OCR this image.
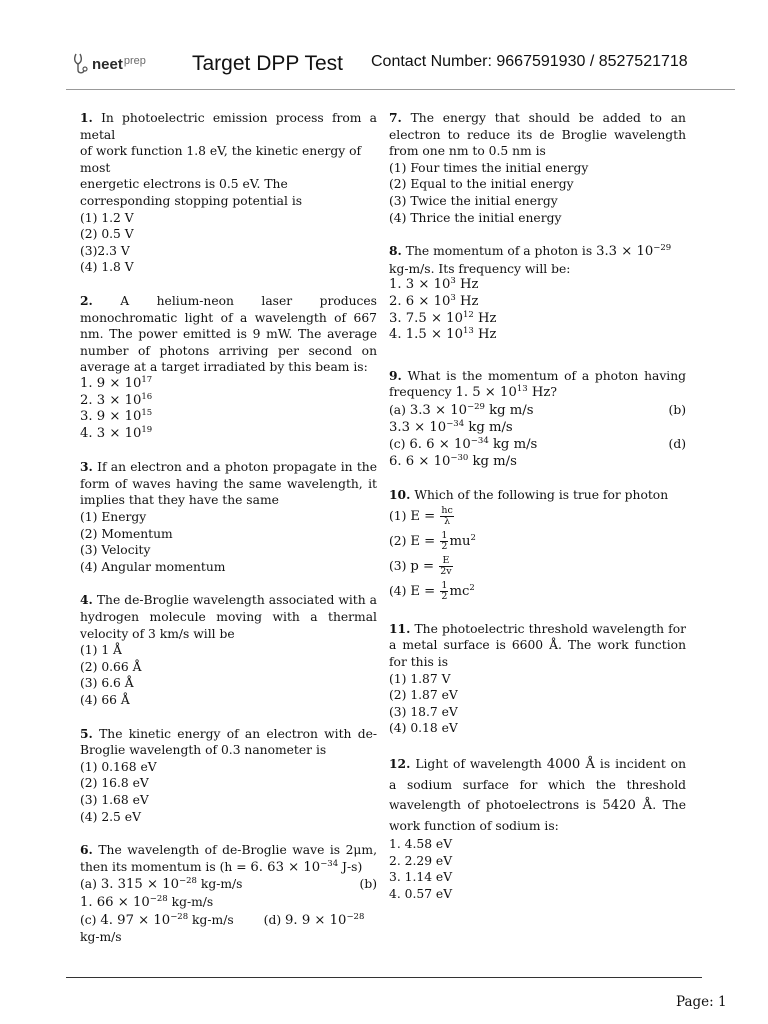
neet prep Target DPP Test Contact Number: 9667591930 / 8527521718
1. In photoelectric emission process from a metal
of work function 1.8 eV, the kinetic energy of most
energetic electrons is 0.5 eV. The corresponding stopping potential is
(1) 1.2 V
(2) 0.5 V
(3)2.3 V
(4) 1.8 V
2. A helium-neon laser produces monochromatic light of a wavelength of 667 nm. The power emitted is 9 mW. The average number of photons arriving per second on average at a target irradiated by this beam is:
1. $9 \times 10^{17}$
2. $3 \times 10^{16}$
3. $9 \times 10^{15}$
4. $3 \times 10^{19}$
3. If an electron and a photon propagate in the form of waves having the same wavelength, it implies that they have the same
(1) Energy
(2) Momentum
(3) Velocity
(4) Angular momentum
4. The de-Broglie wavelength associated with a hydrogen molecule moving with a thermal velocity of 3 km/s will be
(1) 1 Å
(2) 0.66 Å
(3) 6.6 Å
(4) 66 Å
5. The kinetic energy of an electron with de-Broglie wavelength of 0.3 nanometer is
(1) 0.168 eV
(2) 16.8 eV
(3) 1.68 eV
(4) 2.5 eV
6. The wavelength of de-Broglie wave is 2μm, then its momentum is (h = 6. $63 \times 10^{-34}$ J-s)
(a) 3. $315 \times 10^{-28}$ kg-m/s	(b)
1. $66 \times 10^{-28}$ kg-m/s
(c) 4. $97 \times 10^{-28}$ kg-m/s (d) 9. $9 \times 10^{-28}$
kg-m/s
7. The energy that should be added to an electron to reduce its de Broglie wavelength from one nm to 0.5 nm is
(1) Four times the initial energy
(2) Equal to the initial energy
(3) Twice the initial energy
(4) Thrice the initial energy
8. The momentum of a photon is $3.3 \times 10^{-29}$
kg-m/s. Its frequency will be:
1. $3 \times 10^3$ Hz
2. $6 \times 10^3$ Hz
3. $7.5 \times 10^{12}$ Hz
4. $1.5 \times 10^{13}$ Hz
9. What is the momentum of a photon having frequency 1. $5 \times 10^{13}$ Hz?
(a) $3.3 \times 10^{-29}$ kg m/s	(b)
$3.3 \times 10^{-34}$ kg m/s
(c) 6. $6 \times 10^{-34}$ kg m/s	(d)
6. $6 \times 10^{-30}$ kg m/s
10. Which of the following is true for photon
(1) $E = \frac{hc}{\lambda}$
(2) $E = \frac{1}{2} mu^2$
(3) $p = \frac{E}{2v}$
(4) $E = \frac{1}{2} mc^2$
11. The photoelectric threshold wavelength for a metal surface is 6600 Å. The work function for this is
(1) 1.87 V
(2) 1.87 eV
(3) 18.7 eV
(4) 0.18 eV
12. Light of wavelength 4000 Å is incident on a sodium surface for which the threshold wavelength of photoelectrons is 5420 Å. The work function of sodium is:
1. 4.58 eV
2. 2.29 eV
3. 1.14 eV
4. 0.57 eV
Page: 1
